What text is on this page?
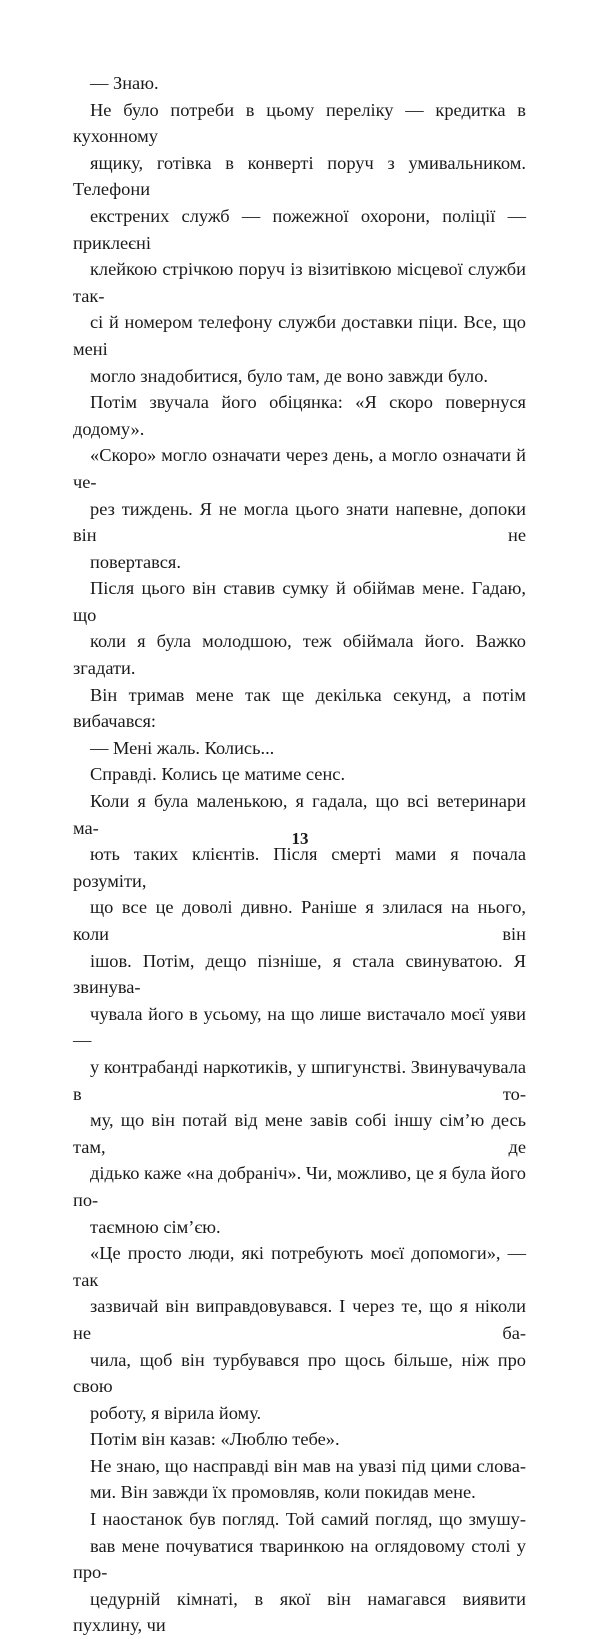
— Знаю.

Не було потреби в цьому переліку — кредитка в кухонному
ящику, готівка в конверті поруч з умивальником. Телефони
екстрених служб — пожежної охорони, поліції — приклеєні
клейкою стрічкою поруч із візитівкою місцевої служби так-
сі й номером телефону служби доставки піци. Все, що мені
могло знадобитися, було там, де воно завжди було.

Потім звучала його обіцянка: «Я скоро повернуся додому».

«Скоро» могло означати через день, а могло означати й че-
рез тиждень. Я не могла цього знати напевне, допоки він не
повертався.

Після цього він ставив сумку й обіймав мене. Гадаю, що
коли я була молодшою, теж обіймала його. Важко згадати.
Він тримав мене так ще декілька секунд, а потім вибачався:

— Мені жаль. Колись...

Справді. Колись це матиме сенс.

Коли я була маленькою, я гадала, що всі ветеринари ма-
ють таких клієнтів. Після смерті мами я почала розуміти,
що все це доволі дивно. Раніше я злилася на нього, коли він
ішов. Потім, дещо пізніше, я стала свинуватою. Я звинува-
чувала його в усьому, на що лише вистачало моєї уяви —
у контрабанді наркотиків, у шпигунстві. Звинувачувала в то-
му, що він потай від мене завів собі іншу сім’ю десь там, де
дідько каже «на добраніч». Чи, можливо, це я була його по-
таємною сім’єю.

«Це просто люди, які потребують моєї допомоги», — так
зазвичай він виправдовувався. І через те, що я ніколи не ба-
чила, щоб він турбувався про щось більше, ніж про свою
роботу, я вірила йому.

Потім він казав: «Люблю тебе».

Не знаю, що насправді він мав на увазі під цими слова-
ми. Він завжди їх промовляв, коли покидав мене.

І наостанок був погляд. Той самий погляд, що змушу-
вав мене почуватися тваринкою на оглядовому столі у про-
цедурній кімнаті, в якої він намагався виявити пухлину, чи

13
